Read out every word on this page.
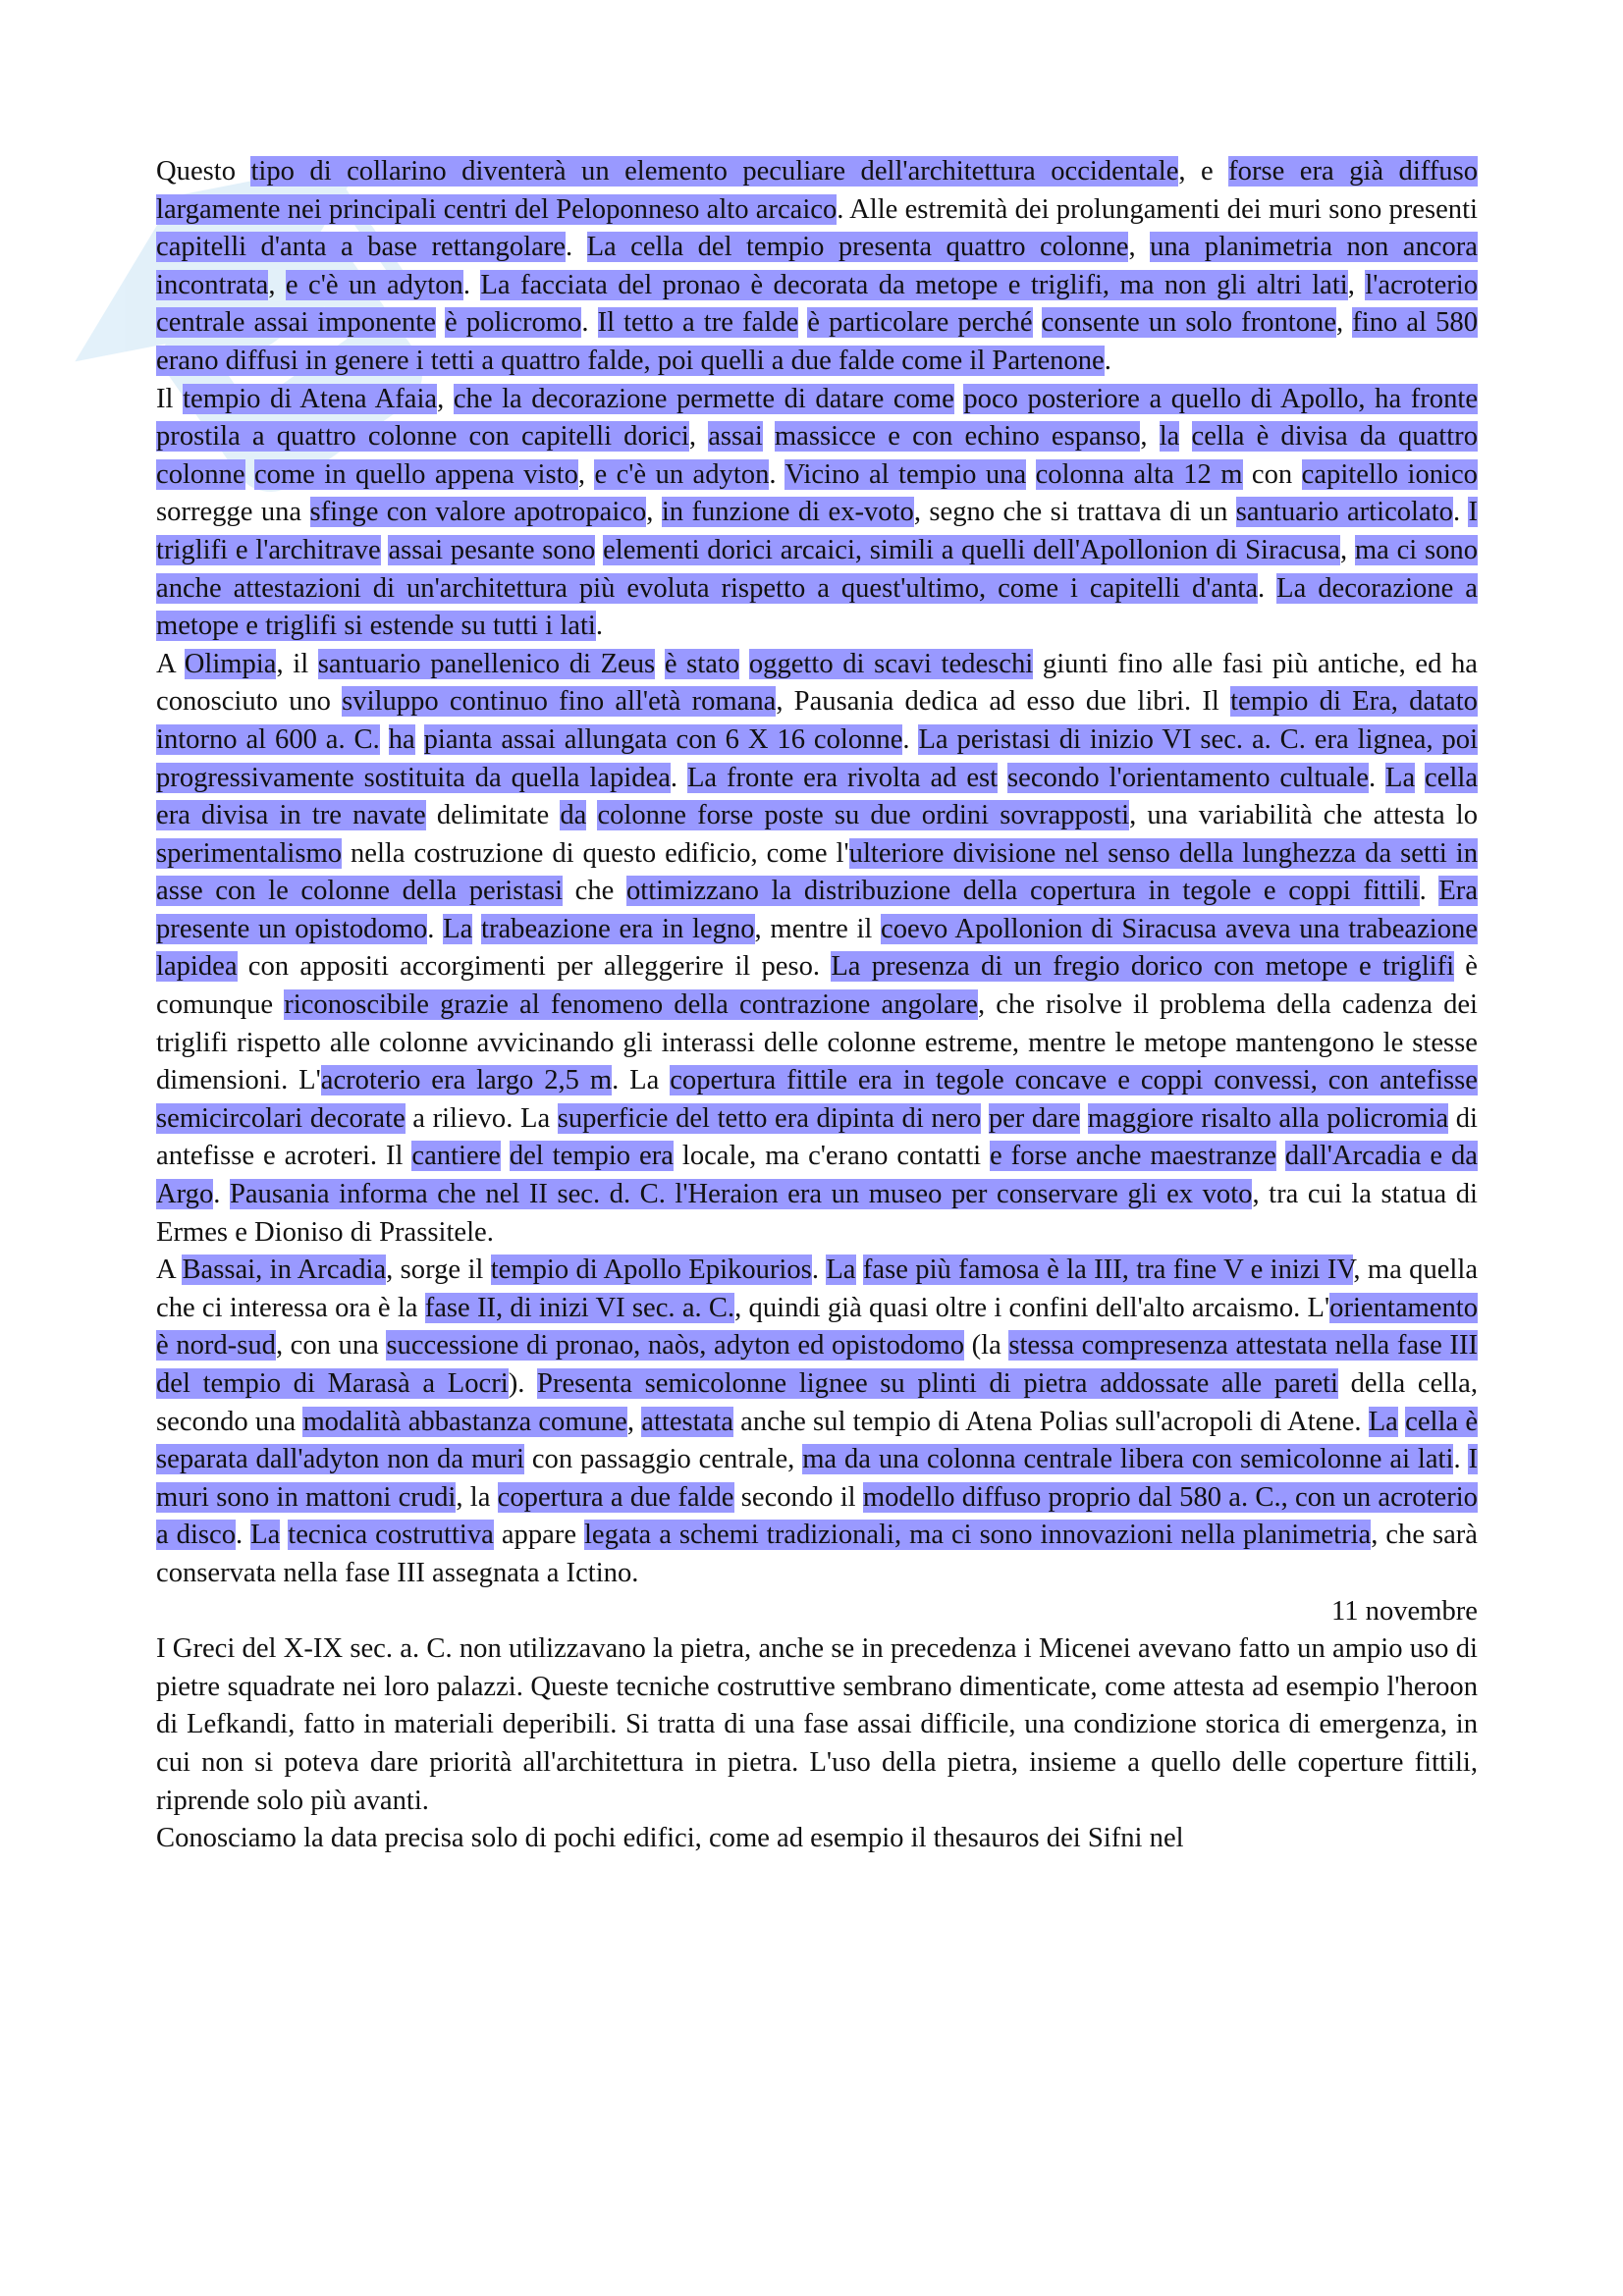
Questo tipo di collarino diventerà un elemento peculiare dell'architettura occidentale, e forse era già diffuso largamente nei principali centri del Peloponneso alto arcaico. Alle estremità dei prolungamenti dei muri sono presenti capitelli d'anta a base rettangolare. La cella del tempio presenta quattro colonne, una planimetria non ancora incontrata, e c'è un adyton. La facciata del pronao è decorata da metope e triglifi, ma non gli altri lati, l'acroterio centrale assai imponente è policromo. Il tetto a tre falde è particolare perché consente un solo frontone, fino al 580 erano diffusi in genere i tetti a quattro falde, poi quelli a due falde come il Partenone.

Il tempio di Atena Afaia, che la decorazione permette di datare come poco posteriore a quello di Apollo, ha fronte prostila a quattro colonne con capitelli dorici, assai massicce e con echino espanso, la cella è divisa da quattro colonne come in quello appena visto, e c'è un adyton. Vicino al tempio una colonna alta 12 m con capitello ionico sorregge una sfinge con valore apotropaico, in funzione di ex-voto, segno che si trattava di un santuario articolato. I triglifi e l'architrave assai pesante sono elementi dorici arcaici, simili a quelli dell'Apollonion di Siracusa, ma ci sono anche attestazioni di un'architettura più evoluta rispetto a quest'ultimo, come i capitelli d'anta. La decorazione a metope e triglifi si estende su tutti i lati.

A Olimpia, il santuario panellenico di Zeus è stato oggetto di scavi tedeschi giunti fino alle fasi più antiche, ed ha conosciuto uno sviluppo continuo fino all'età romana, Pausania dedica ad esso due libri. Il tempio di Era, datato intorno al 600 a. C. ha pianta assai allungata con 6 X 16 colonne. La peristasi di inizio VI sec. a. C. era lignea, poi progressivamente sostituita da quella lapidea. La fronte era rivolta ad est secondo l'orientamento cultuale. La cella era divisa in tre navate delimitate da colonne forse poste su due ordini sovrapposti, una variabilità che attesta lo sperimentalismo nella costruzione di questo edificio, come l'ulteriore divisione nel senso della lunghezza da setti in asse con le colonne della peristasi che ottimizzano la distribuzione della copertura in tegole e coppi fittili. Era presente un opistodomo. La trabeazione era in legno, mentre il coevo Apollonion di Siracusa aveva una trabeazione lapidea con appositi accorgimenti per alleggerire il peso. La presenza di un fregio dorico con metope e triglifi è comunque riconoscibile grazie al fenomeno della contrazione angolare, che risolve il problema della cadenza dei triglifi rispetto alle colonne avvicinando gli interassi delle colonne estreme, mentre le metope mantengono le stesse dimensioni. L'acroterio era largo 2,5 m. La copertura fittile era in tegole concave e coppi convessi, con antefisse semicircolari decorate a rilievo. La superficie del tetto era dipinta di nero per dare maggiore risalto alla policromia di antefisse e acroteri. Il cantiere del tempio era locale, ma c'erano contatti e forse anche maestranze dall'Arcadia e da Argo. Pausania informa che nel II sec. d. C. l'Heraion era un museo per conservare gli ex voto, tra cui la statua di Ermes e Dioniso di Prassitele.

A Bassai, in Arcadia, sorge il tempio di Apollo Epikourios. La fase più famosa è la III, tra fine V e inizi IV, ma quella che ci interessa ora è la fase II, di inizi VI sec. a. C., quindi già quasi oltre i confini dell'alto arcaismo. L'orientamento è nord-sud, con una successione di pronao, naòs, adyton ed opistodomo (la stessa compresenza attestata nella fase III del tempio di Marasà a Locri). Presenta semicolonne lignee su plinti di pietra addossate alle pareti della cella, secondo una modalità abbastanza comune, attestata anche sul tempio di Atena Polias sull'acropoli di Atene. La cella è separata dall'adyton non da muri con passaggio centrale, ma da una colonna centrale libera con semicolonne ai lati. I muri sono in mattoni crudi, la copertura a due falde secondo il modello diffuso proprio dal 580 a. C., con un acroterio a disco. La tecnica costruttiva appare legata a schemi tradizionali, ma ci sono innovazioni nella planimetria, che sarà conservata nella fase III assegnata a Ictino.

11 novembre

I Greci del X-IX sec. a. C. non utilizzavano la pietra, anche se in precedenza i Micenei avevano fatto un ampio uso di pietre squadrate nei loro palazzi. Queste tecniche costruttive sembrano dimenticate, come attesta ad esempio l'heroon di Lefkandi, fatto in materiali deperibili. Si tratta di una fase assai difficile, una condizione storica di emergenza, in cui non si poteva dare priorità all'architettura in pietra. L'uso della pietra, insieme a quello delle coperture fittili, riprende solo più avanti.

Conosciamo la data precisa solo di pochi edifici, come ad esempio il thesauros dei Sifni nel
